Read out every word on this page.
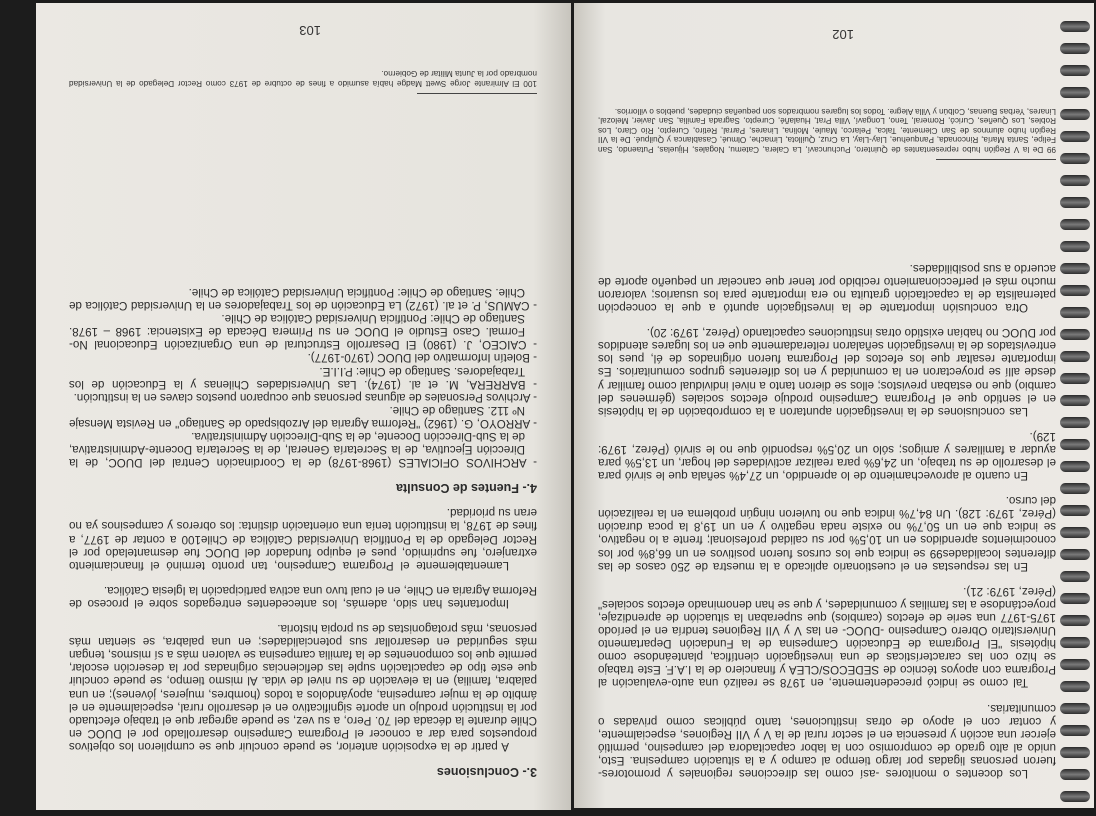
Los docentes o monitores -así como las direcciones regionales y promotores- fueron personas ligadas por largo tiempo al campo y a la situación campesina. Esto, unido al alto grado de compromiso con la labor capacitadora del campesino, permitió ejercer una acción y presencia en el sector rural de la V y VII Regiones, especialmente, y contar con el apoyo de otras instituciones, tanto públicas como privadas o comunitarias.

Tal como se indicó precedentemente, en 1978 se realizó una auto-evaluación al Programa con apoyos técnico de SEDECOS/CLEA y financiero de la I.A.F. Este trabajo se hizo con las características de una investigación científica, planteándose como hipótesis "El Programa de Educación Campesina de la Fundación Departamento Universitario Obrero Campesino -DUOC- en las V y VII Regiones tendría en el período 1975-1977 una serie de efectos (cambios) que superaban la situación de aprendizaje, proyectándose a las familias y comunidades, y que se han denominado efectos sociales" (Pérez, 1979: 21).

En las respuestas en el cuestionario aplicado a la muestra de 250 casos de las diferentes localidades99 se indica que los cursos fueron positivos en un 66,8% por los conocimientos aprendidos en un 10,5% por su calidad profesional; frente a lo negativo, se indica que en un 50,7% no existe nada negativo y en un 19,8 la poca duración (Pérez, 1979: 128). Un 84,7% indica que no tuvieron ningún problema en la realización del curso.

En cuanto al aprovechamiento de lo aprendido, un 27,4% señala que le sirvió para el desarrollo de su trabajo, un 24,6% para realizar actividades del hogar, un 13,5% para ayudar a familiares y amigos; sólo un 20,5% respondió que no le sirvió (Pérez, 1979: 129).

Las conclusiones de la investigación apuntaron a la comprobación de la hipótesis en el sentido que el Programa Campesino produjo efectos sociales (gérmenes del cambio) que no estaban previstos; ellos se dieron tanto a nivel individual como familiar y desde allí se proyectaron en la comunidad y en los diferentes grupos comunitarios. Es importante resaltar que los efectos del Programa fueron originados de él, pues los entrevistados de la investigación señalaron reiteradamente que en los lugares atendidos por DUOC no habían existido otras instituciones capacitando (Pérez, 1979: 20).

Otra conclusión importante de la investigación apuntó a que la concepción paternalista de la capacitación gratuita no era importante para los usuarios; valoraron mucho más el perfeccionamiento recibido por tener que cancelar un pequeño aporte de acuerdo a sus posibilidades.

99 De la V Región hubo representantes de Quintero, Puchuncaví, La Calera, Catemu, Nogales, Hijuelas, Putaendo, San Felipe, Santa María, Rinconada, Panquehue, Llay-Llay, La Cruz, Quillota, Limache, Olmué, Casablanca y Quilpué. De la VII Región hubo alumnos de San Clemente, Talca, Pelarco, Maule, Molina, Linares, Parral, Retiro, Curepto, Río Claro, Los Robles, Los Queñes, Curicó, Romeral, Teno, Longaví, Villa Prat, Hualañé, Curepto, Sagrada Familia, San Javier, Melozal, Linares, Yerbas Buenas, Colbún y Villa Alegre. Todos los lugares nombrados son pequeñas ciudades, pueblos o villorrios.
102
3.- Conclusiones

A partir de la exposición anterior, se puede concluir que se cumplieron los objetivos propuestos para dar a conocer el Programa Campesino desarrollado por el DUOC en Chile durante la década del 70. Pero, a su vez, se puede agregar que el trabajo efectuado por la institución produjo un aporte significativo en el desarrollo rural, especialmente en el ámbito de la mujer campesina, apoyándolos a todos (hombres, mujeres, jóvenes); en una palabra, familia) en la elevación de su nivel de vida. Al mismo tiempo, se puede concluir que este tipo de capacitación suple las deficiencias originadas por la deserción escolar, permite que los componentes de la familia campesina se valoren más a sí mismos, tengan más seguridad en desarrollar sus potencialidades; en una palabra, se sientan más personas, más protagonistas de su propia historia.

Importantes han sido, además, los antecedentes entregados sobre el proceso de Reforma Agraria en Chile, en el cual tuvo una activa participación la Iglesia Católica.

Lamentablemente el Programa Campesino, tan pronto terminó el financiamiento extranjero, fue suprimido, pues el equipo fundador del DUOC fue desmantelado por el Rector Delegado de la Pontificia Universidad Católica de Chile100 a contar de 1977, a fines de 1978, la institución tenía una orientación distinta: los obreros y campesinos ya no eran su prioridad.

4.- Fuentes de Consulta

- ARCHIVOS OFICIALES (1968-1978) de la Coordinación Central del DUOC, de la Dirección Ejecutiva, de la Secretaría General, de la Secretaría Docente-Administrativa, de la Sub-Dirección Docente, de la Sub-Dirección Administrativa.

- ARROYO, G. (1962) "Reforma Agraria del Arzobispado de Santiago" en Revista Mensaje Nº 112. Santiago de Chile.

- Archivos Personales de algunas personas que ocuparon puestos claves en la institución.

- BARRERA, M. et al. (1974). Las Universidades Chilenas y la Educación de los Trabajadores. Santiago de Chile: P.I.I.E.

- Boletín Informativo del DUOC (1970-1977).

- CAICEO, J. (1980) El Desarrollo Estructural de una Organización Educacional No-Formal. Caso Estudio el DUOC en su Primera Década de Existencia: 1968 – 1978. Santiago de Chile: Pontificia Universidad Católica de Chile.

- CAMUS, P. et al. (1972) La Educación de los Trabajadores en la Universidad Católica de Chile. Santiago de Chile: Pontificia Universidad Católica de Chile.

100 El Almirante Jorge Swett Madge había asumido a fines de octubre de 1973 como Rector Delegado de la Universidad nombrado por la Junta Militar de Gobierno.
103
